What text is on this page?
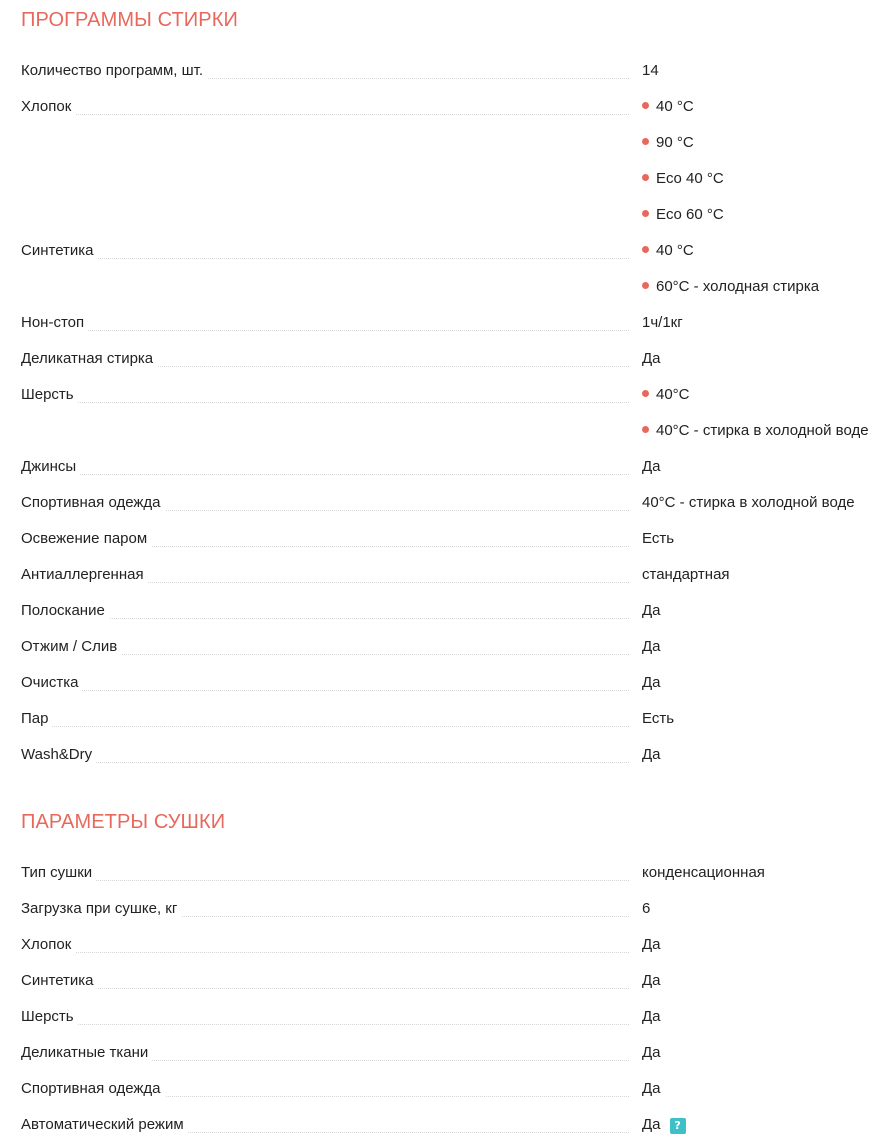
ПРОГРАММЫ СТИРКИ
Количество программ, шт.	14
Хлопок	40 °C
90 °C
Eco 40 °C
Eco 60 °C
Синтетика	40 °C
60°C - холодная стирка
Нон-стоп	1ч/1кг
Деликатная стирка	Да
Шерсть	40°C
40°C - стирка в холодной воде
Джинсы	Да
Спортивная одежда	40°C - стирка в холодной воде
Освежение паром	Есть
Антиаллергенная	стандартная
Полоскание	Да
Отжим / Слив	Да
Очистка	Да
Пар	Есть
Wash&Dry	Да
ПАРАМЕТРЫ СУШКИ
Тип сушки	конденсационная
Загрузка при сушке, кг	6
Хлопок	Да
Синтетика	Да
Шерсть	Да
Деликатные ткани	Да
Спортивная одежда	Да
Автоматический режим	Да ?
